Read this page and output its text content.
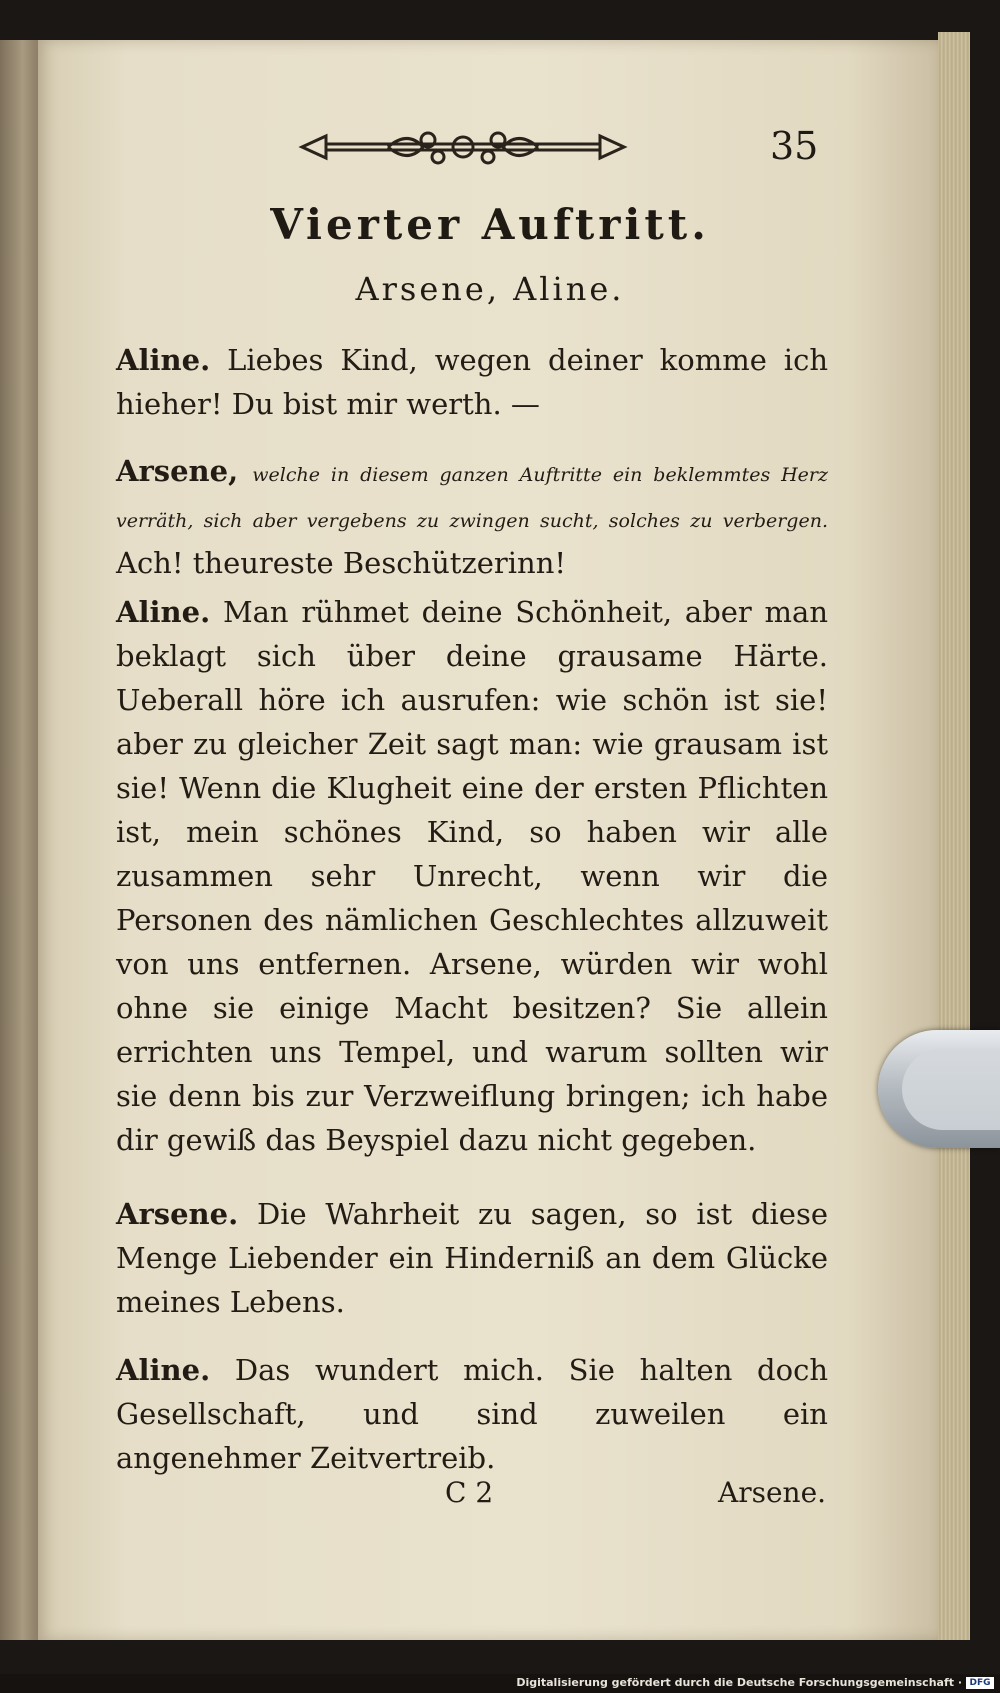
35
Vierter Auftritt.
Arsene, Aline.
Aline. Liebes Kind, wegen deiner komme ich hieher! Du bist mir werth. —
Arsene, welche in diesem ganzen Auftritte ein beklemmtes Herz verräth, sich aber vergebens zu zwingen sucht, solches zu verbergen. Ach! theureste Beschützerinn!
Aline. Man rühmet deine Schönheit, aber man beklagt sich über deine grausame Härte. Ueberall höre ich ausrufen: wie schön ist sie! aber zu gleicher Zeit sagt man: wie grausam ist sie! Wenn die Klugheit eine der ersten Pflichten ist, mein schönes Kind, so haben wir alle zusammen sehr Unrecht, wenn wir die Personen des nämlichen Geschlechtes allzuweit von uns entfernen. Arsene, würden wir wohl ohne sie einige Macht besitzen? Sie allein errichten uns Tempel, und warum sollten wir sie denn bis zur Verzweiflung bringen; ich habe dir gewiß das Beyspiel dazu nicht gegeben.
Arsene. Die Wahrheit zu sagen, so ist diese Menge Liebender ein Hinderniß an dem Glücke meines Lebens.
Aline. Das wundert mich. Sie halten doch Gesellschaft, und sind zuweilen ein angenehmer Zeitvertreib.
C 2	Arsene.
Digitalisierung gefördert durch die Deutsche Forschungsgemeinschaft · DFG
